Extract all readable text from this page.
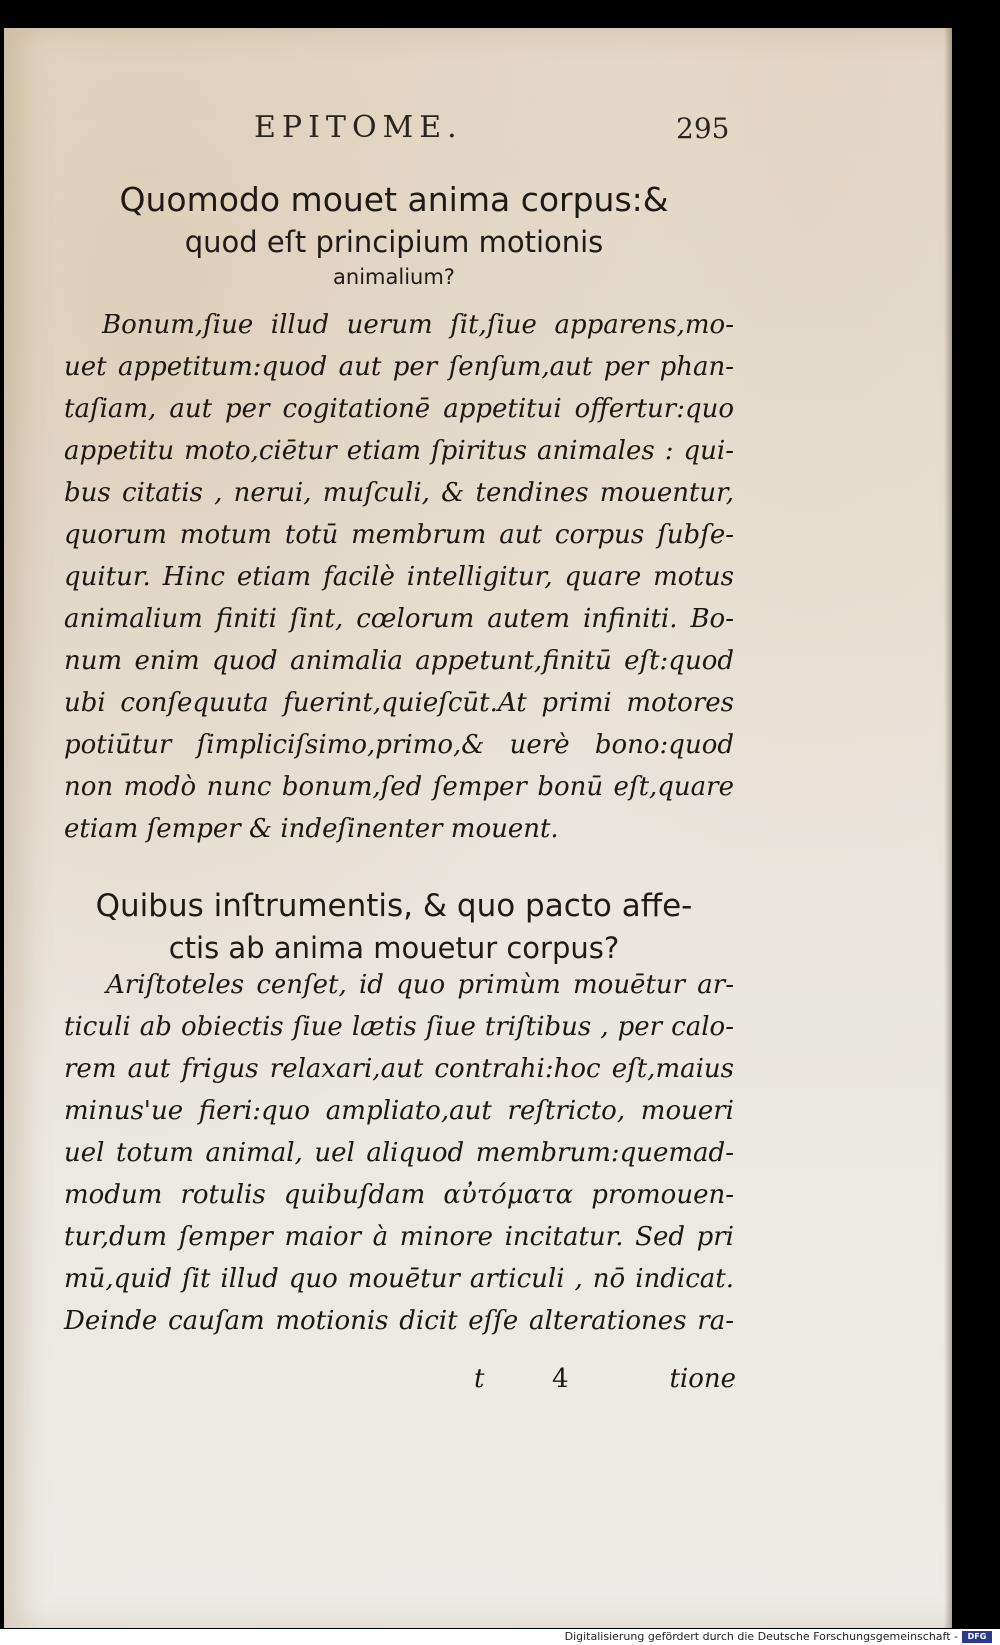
EPITOME.	295
Quomodo mouet anima corpus:&
quod eſt principium motionis
animalium?
Bonum,ſiue illud uerum ſit,ſiue apparens,mo-
uet appetitum:quod aut per ſenſum,aut per phan-
taſiam, aut per cogitationē appetitui offertur:quo
appetitu moto,ciētur etiam ſpiritus animales : qui-
bus citatis , nerui, muſculi, & tendines mouentur,
quorum motum totū membrum aut corpus ſubſe-
quitur. Hinc etiam facilè intelligitur, quare motus
animalium finiti ſint, cœlorum autem infiniti. Bo-
num enim quod animalia appetunt,finitū eſt:quod
ubi conſequuta fuerint,quieſcūt.At primi motores
potiūtur ſimpliciſsimo,primo,& uerè bono:quod
non modò nunc bonum,ſed ſemper bonū eſt,quare
etiam ſemper & indeſinenter mouent.
Quibus inſtrumentis, & quo pacto affe-
ctis ab anima mouetur corpus?
Ariſtoteles cenſet, id quo primùm mouētur ar-
ticuli ab obiectis ſiue lætis ſiue triſtibus , per calo-
rem aut frigus relaxari,aut contrahi:hoc eſt,maius
minus'ue fieri:quo ampliato,aut reſtricto, moueri
uel totum animal, uel aliquod membrum:quemad-
modum rotulis quibuſdam αὐτόματα promouen-
tur,dum ſemper maior à minore incitatur. Sed pri
mū,quid ſit illud quo mouētur articuli , nō indicat.
Deinde cauſam motionis dicit eſſe alterationes ra-
t	4	tione
Digitalisierung gefördert durch die Deutsche Forschungsgemeinschaft -	DFG
